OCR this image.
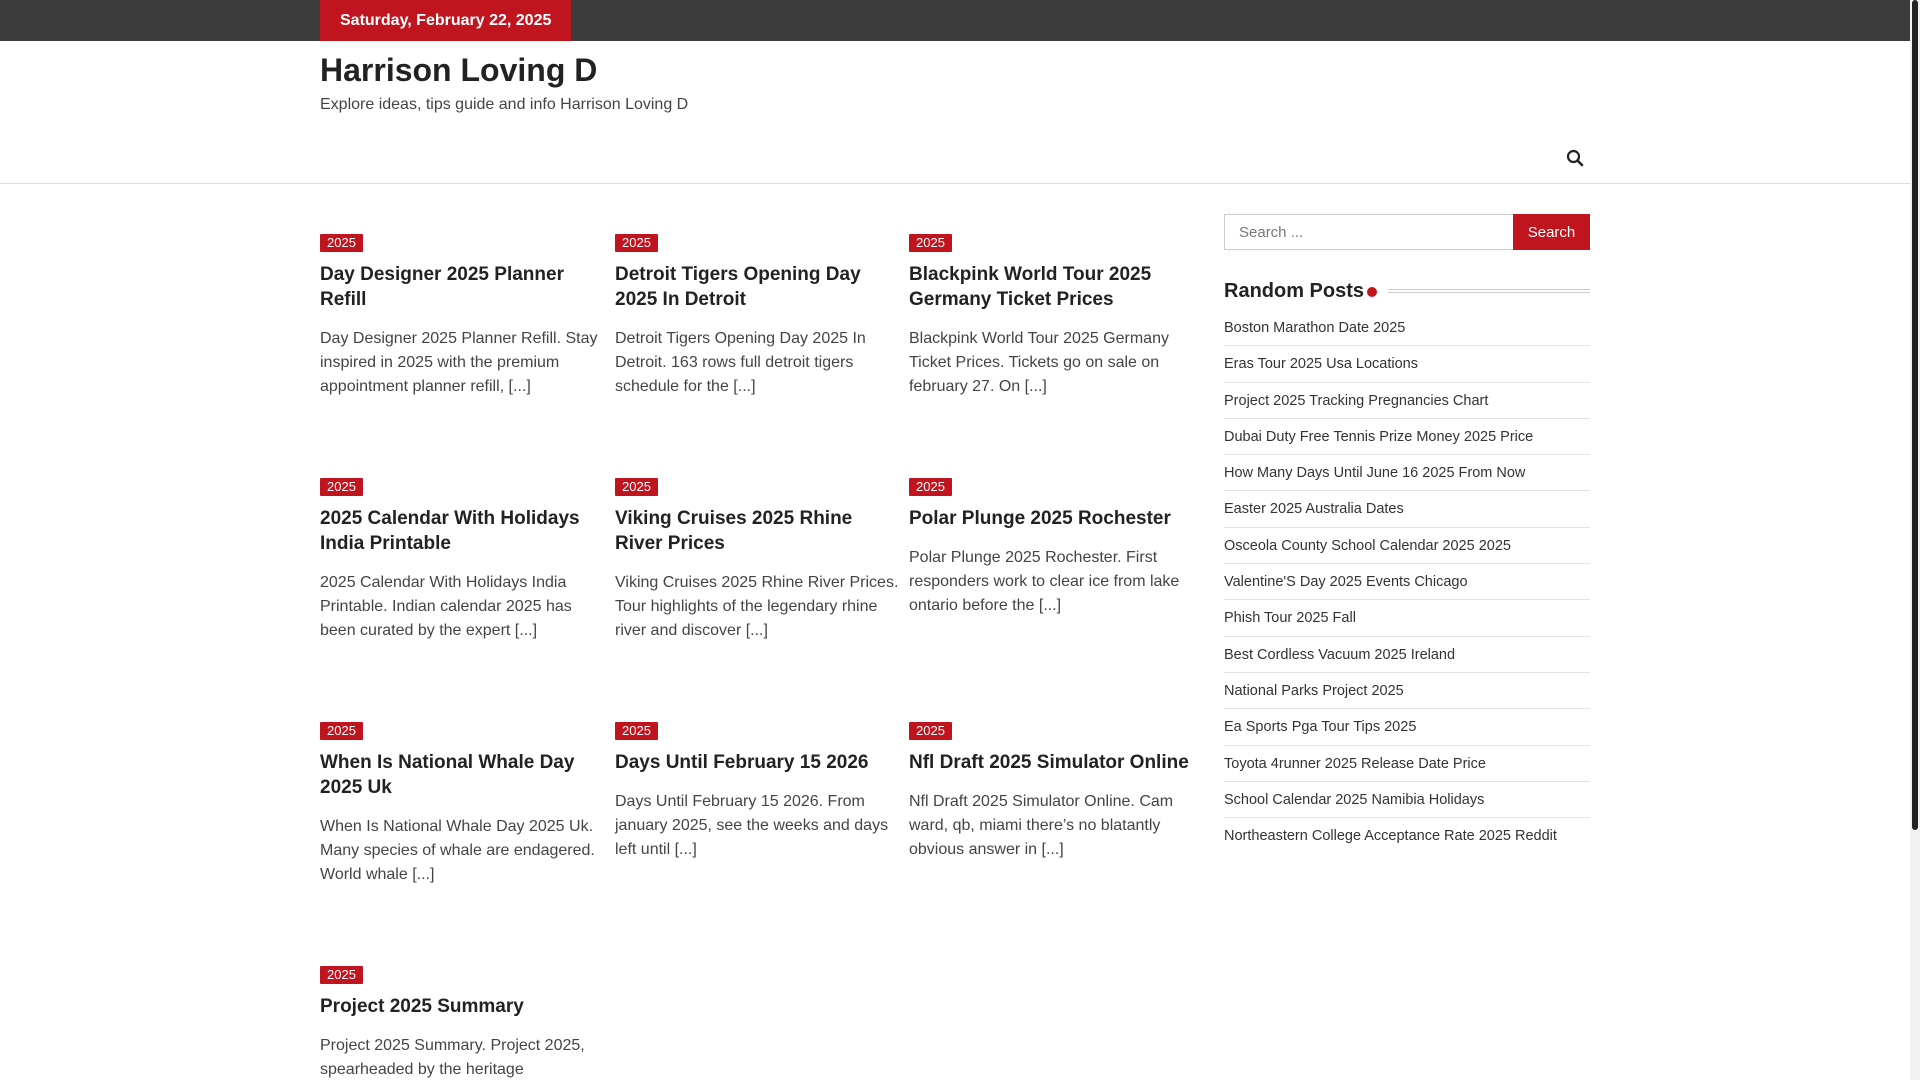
Saturday, February 22, 2025
Harrison Loving D
Explore ideas, tips guide and info Harrison Loving D
2025
Day Designer 2025 Planner Refill
Day Designer 2025 Planner Refill. Stay inspired in 2025 with the premium appointment planner refill, [...]
2025
Detroit Tigers Opening Day 2025 In Detroit
Detroit Tigers Opening Day 2025 In Detroit. 163 rows full detroit tigers schedule for the [...]
2025
Blackpink World Tour 2025 Germany Ticket Prices
Blackpink World Tour 2025 Germany Ticket Prices. Tickets go on sale on february 27. On [...]
2025
2025 Calendar With Holidays India Printable
2025 Calendar With Holidays India Printable. Indian calendar 2025 has been curated by the expert [...]
2025
Viking Cruises 2025 Rhine River Prices
Viking Cruises 2025 Rhine River Prices. Tour highlights of the legendary rhine river and discover [...]
2025
Polar Plunge 2025 Rochester
Polar Plunge 2025 Rochester. First responders work to clear ice from lake ontario before the [...]
2025
When Is National Whale Day 2025 Uk
When Is National Whale Day 2025 Uk. Many species of whale are endagered. World whale [...]
2025
Days Until February 15 2026
Days Until February 15 2026. From january 2025, see the weeks and days left until [...]
2025
Nfl Draft 2025 Simulator Online
Nfl Draft 2025 Simulator Online. Cam ward, qb, miami there’s no blatantly obvious answer in [...]
2025
Project 2025 Summary
Project 2025 Summary. Project 2025, spearheaded by the heritage
Search ...
Search
Random Posts
Boston Marathon Date 2025
Eras Tour 2025 Usa Locations
Project 2025 Tracking Pregnancies Chart
Dubai Duty Free Tennis Prize Money 2025 Price
How Many Days Until June 16 2025 From Now
Easter 2025 Australia Dates
Osceola County School Calendar 2025 2025
Valentine'S Day 2025 Events Chicago
Phish Tour 2025 Fall
Best Cordless Vacuum 2025 Ireland
National Parks Project 2025
Ea Sports Pga Tour Tips 2025
Toyota 4runner 2025 Release Date Price
School Calendar 2025 Namibia Holidays
Northeastern College Acceptance Rate 2025 Reddit
